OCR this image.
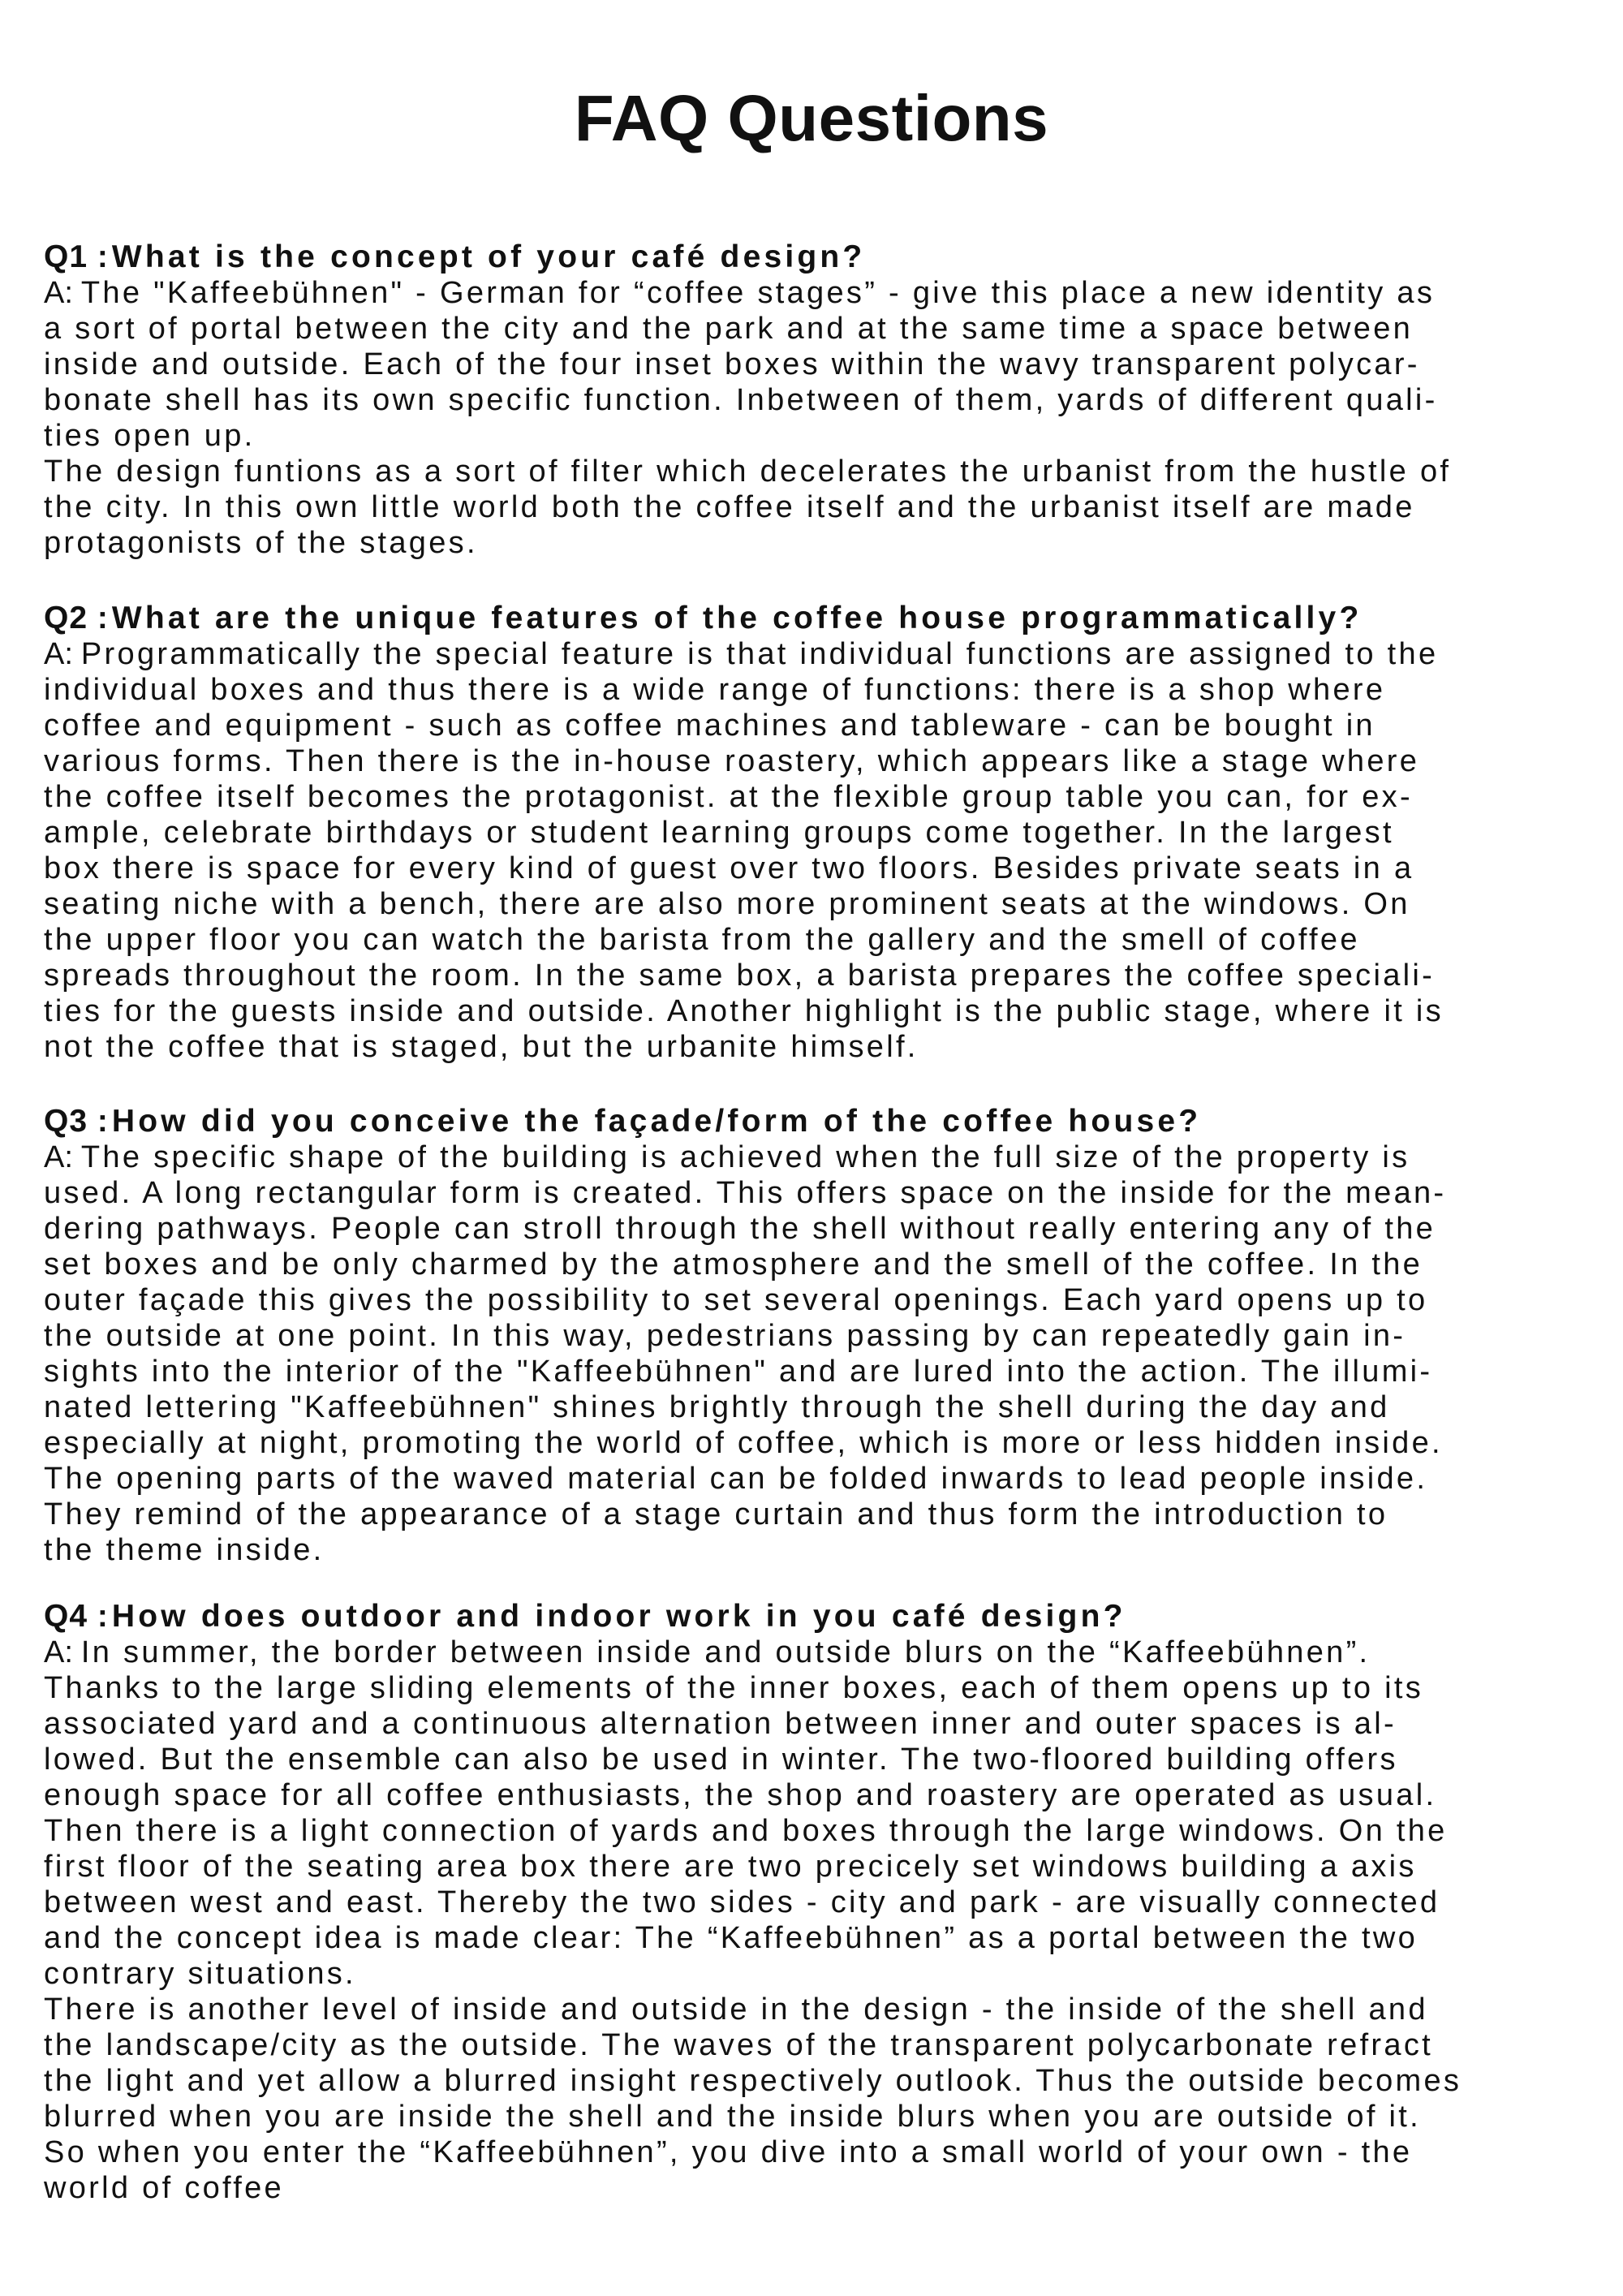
FAQ Questions

Q1 : What is the concept of your café design?

A: The "Kaffeebühnen" - German for “coffee stages” - give this place a new identity as
a sort of portal between the city and the park and at the same time a space between
inside and outside. Each of the four inset boxes within the wavy transparent polycar-
bonate shell has its own specific function. Inbetween of them, yards of different quali-
ties open up.
The design funtions as a sort of filter which decelerates the urbanist from the hustle of
the city. In this own little world both the coffee itself and the urbanist itself are made
protagonists of the stages.

Q2 : What are the unique features of the coffee house programmatically?

A: Programmatically the special feature is that individual functions are assigned to the
individual boxes and thus there is a wide range of functions: there is a shop where
coffee and equipment - such as coffee machines and tableware - can be bought in
various forms. Then there is the in-house roastery, which appears like a stage where
the coffee itself becomes the protagonist. at the flexible group table you can, for ex-
ample, celebrate birthdays or student learning groups come together. In the largest
box there is space for every kind of guest over two floors. Besides private seats in a
seating niche with a bench, there are also more prominent seats at the windows. On
the upper floor you can watch the barista from the gallery and the smell of coffee
spreads throughout the room. In the same box, a barista prepares the coffee speciali-
ties for the guests inside and outside. Another highlight is the public stage, where it is
not the coffee that is staged, but the urbanite himself.

Q3 : How did you conceive the façade/form of the coffee house?

A: The specific shape of the building is achieved when the full size of the property is
used. A long rectangular form is created. This offers space on the inside for the mean-
dering pathways. People can stroll through the shell without really entering any of the
set boxes and be only charmed by the atmosphere and the smell of the coffee. In the
outer façade this gives the possibility to set several openings. Each yard opens up to
the outside at one point. In this way, pedestrians passing by can repeatedly gain in-
sights into the interior of the "Kaffeebühnen" and are lured into the action. The illumi-
nated lettering "Kaffeebühnen" shines brightly through the shell during the day and
especially at night, promoting the world of coffee, which is more or less hidden inside.
The opening parts of the waved material can be folded inwards to lead people inside.
They remind of the appearance of a stage curtain and thus form the introduction to
the theme inside.

Q4 : How does outdoor and indoor work in you café design?

A: In summer, the border between inside and outside blurs on the “Kaffeebühnen”.
Thanks to the large sliding elements of the inner boxes, each of them opens up to its
associated yard and a continuous alternation between inner and outer spaces is al-
lowed. But the ensemble can also be used in winter. The two-floored building offers
enough space for all coffee enthusiasts, the shop and roastery are operated as usual.
Then there is a light connection of yards and boxes through the large windows. On the
first floor of the seating area box there are two precicely set windows building a axis
between west and east. Thereby the two sides - city and park - are visually connected
and the concept idea is made clear: The “Kaffeebühnen” as a portal between the two
contrary situations.
There is another level of inside and outside in the design - the inside of the shell and
the landscape/city as the outside. The waves of the transparent polycarbonate refract
the light and yet allow a blurred insight respectively outlook. Thus the outside becomes
blurred when you are inside the shell and the inside blurs when you are outside of it.
So when you enter the “Kaffeebühnen”, you dive into a small world of your own - the
world of coffee
